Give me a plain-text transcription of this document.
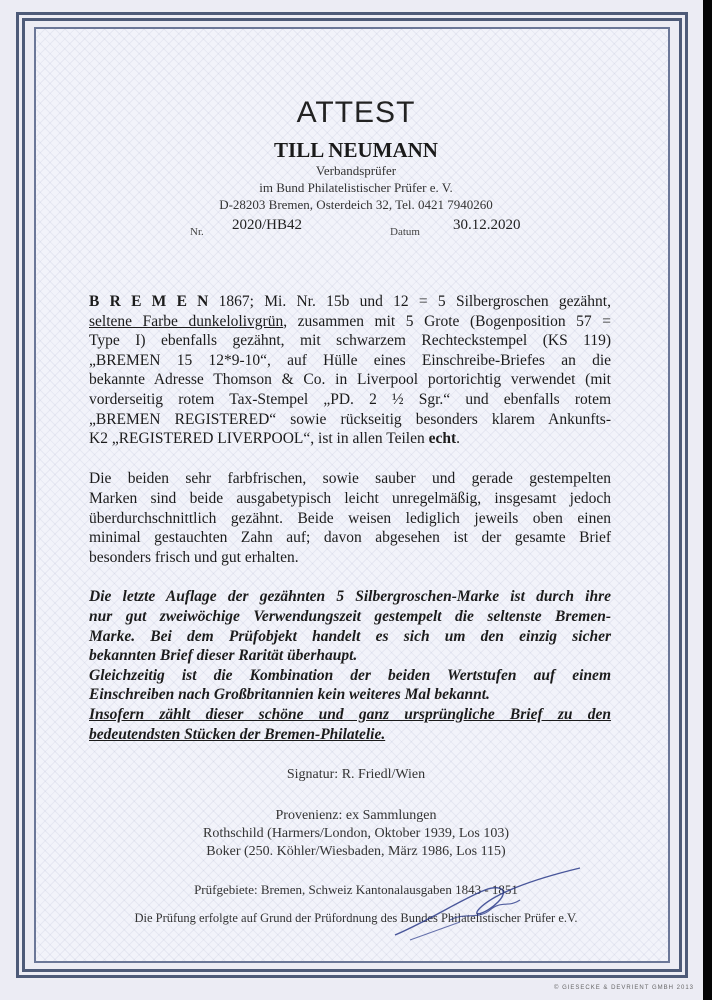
ATTEST
TILL NEUMANN
Verbandsprüfer
im Bund Philatelistischer Prüfer e. V.
D-28203 Bremen, Osterdeich 32, Tel. 0421 7940260
Nr. 2020/HB42	Datum 30.12.2020
B R E M E N 1867; Mi. Nr. 15b und 12 = 5 Silbergroschen gezähnt,
seltene Farbe dunkelolivgrün, zusammen mit 5 Grote (Bogenposition 57 =
Type I) ebenfalls gezähnt, mit schwarzem Rechteckstempel (KS 119)
„BREMEN 15 12*9-10“, auf Hülle eines Einschreibe-Briefes an die
bekannte Adresse Thomson & Co. in Liverpool portorichtig verwendet (mit
vorderseitig rotem Tax-Stempel „PD. 2 ½ Sgr.“ und ebenfalls rotem
„BREMEN REGISTERED“ sowie rückseitig besonders klarem Ankunfts-
K2 „REGISTERED LIVERPOOL“, ist in allen Teilen echt.
Die beiden sehr farbfrischen, sowie sauber und gerade gestempelten
Marken sind beide ausgabetypisch leicht unregelmäßig, insgesamt jedoch
überdurchschnittlich gezähnt. Beide weisen lediglich jeweils oben einen
minimal gestauchten Zahn auf; davon abgesehen ist der gesamte Brief
besonders frisch und gut erhalten.
Die letzte Auflage der gezähnten 5 Silbergroschen-Marke ist durch ihre
nur gut zweiwöchige Verwendungszeit gestempelt die seltenste Bremen-
Marke. Bei dem Prüfobjekt handelt es sich um den einzig sicher
bekannten Brief dieser Rarität überhaupt.
Gleichzeitig ist die Kombination der beiden Wertstufen auf einem
Einschreiben nach Großbritannien kein weiteres Mal bekannt.
Insofern zählt dieser schöne und ganz ursprüngliche Brief zu den
bedeutendsten Stücken der Bremen-Philatelie.
Signatur: R. Friedl/Wien
Provenienz: ex Sammlungen
Rothschild (Harmers/London, Oktober 1939, Los 103)
Boker (250. Köhler/Wiesbaden, März 1986, Los 115)
Prüfgebiete: Bremen, Schweiz Kantonalausgaben 1843 - 1851
Die Prüfung erfolgte auf Grund der Prüfordnung des Bundes Philatelistischer Prüfer e.V.
© GIESECKE & DEVRIENT GMBH 2013
